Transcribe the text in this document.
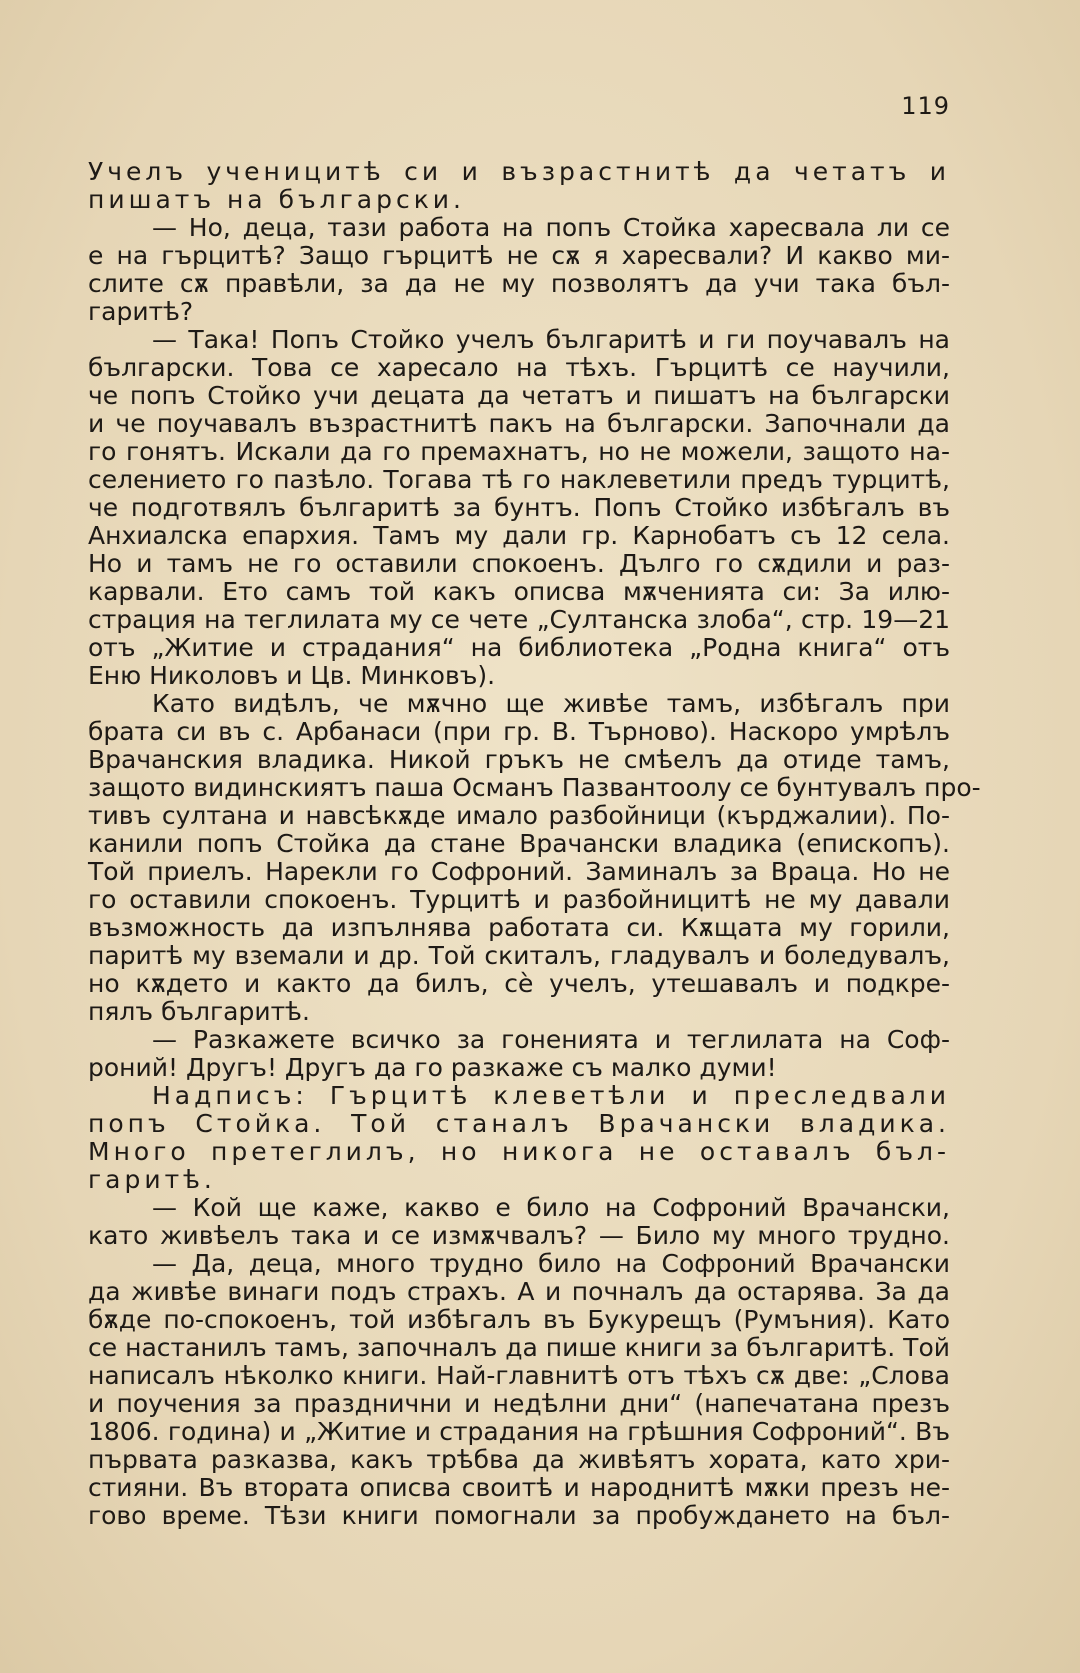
119

Учелъ ученицитѣ си и възрастнитѣ да четатъ и

пишатъ на български.

— Но, деца, тази работа на попъ Стойка харесвала ли се

е на гърцитѣ? Защо гърцитѣ не сѫ я харесвали? И какво ми-

слите сѫ правѣли, за да не му позволятъ да учи така бъл-

гаритѣ?

— Така! Попъ Стойко учелъ българитѣ и ги поучавалъ на

български. Това се харесало на тѣхъ. Гърцитѣ се научили,

че попъ Стойко учи децата да четатъ и пишатъ на български

и че поучавалъ възрастнитѣ пакъ на български. Започнали да

го гонятъ. Искали да го премахнатъ, но не можели, защото на-

селението го пазѣло. Тогава тѣ го наклеветили предъ турцитѣ,

че подготвялъ българитѣ за бунтъ. Попъ Стойко избѣгалъ въ

Анхиалска епархия. Тамъ му дали гр. Карнобатъ съ 12 села.

Но и тамъ не го оставили спокоенъ. Дълго го сѫдили и раз-

карвали. Ето самъ той какъ описва мѫченията си: За илю-

страция на теглилата му се чете „Султанска злоба“, стр. 19—21

отъ „Житие и страдания“ на библиотека „Родна книга“ отъ

Еню Николовъ и Цв. Минковъ).

Като видѣлъ, че мѫчно ще живѣе тамъ, избѣгалъ при

брата си въ с. Арбанаси (при гр. В. Търново). Наскоро умрѣлъ

Врачанския владика. Никой гръкъ не смѣелъ да отиде тамъ,

защото видинскиятъ паша Османъ Пазвантоолу се бунтувалъ про-

тивъ султана и навсѣкѫде имало разбойници (кърджалии). По-

канили попъ Стойка да стане Врачански владика (епископъ).

Той приелъ. Нарекли го Софроний. Заминалъ за Враца. Но не

го оставили спокоенъ. Турцитѣ и разбойницитѣ не му давали

възможность да изпълнява работата си. Кѫщата му горили,

паритѣ му вземали и др. Той скиталъ, гладувалъ и боледувалъ,

но кѫдето и както да билъ, сѐ учелъ, утешавалъ и подкре-

пялъ българитѣ.

— Разкажете всичко за гоненията и теглилата на Соф-

роний! Другъ! Другъ да го разкаже съ малко думи!

Надписъ: Гърцитѣ клеветѣли и преследвали

попъ Стойка. Той станалъ Врачански владика.

Много претеглилъ, но никога не оставалъ бъл-

гаритѣ.

— Кой ще каже, какво е било на Софроний Врачански,

като живѣелъ така и се измѫчвалъ? — Било му много трудно.

— Да, деца, много трудно било на Софроний Врачански

да живѣе винаги подъ страхъ. А и почналъ да остарява. За да

бѫде по-спокоенъ, той избѣгалъ въ Букурещъ (Румъния). Като

се настанилъ тамъ, започналъ да пише книги за българитѣ. Той

написалъ нѣколко книги. Най-главнитѣ отъ тѣхъ сѫ две: „Слова

и поучения за празднични и недѣлни дни“ (напечатана презъ

1806. година) и „Житие и страдания на грѣшния Софроний“. Въ

първата разказва, какъ трѣбва да живѣятъ хората, като хри-

стияни. Въ втората описва своитѣ и народнитѣ мѫки презъ не-

гово време. Тѣзи книги помогнали за пробуждането на бъл-
